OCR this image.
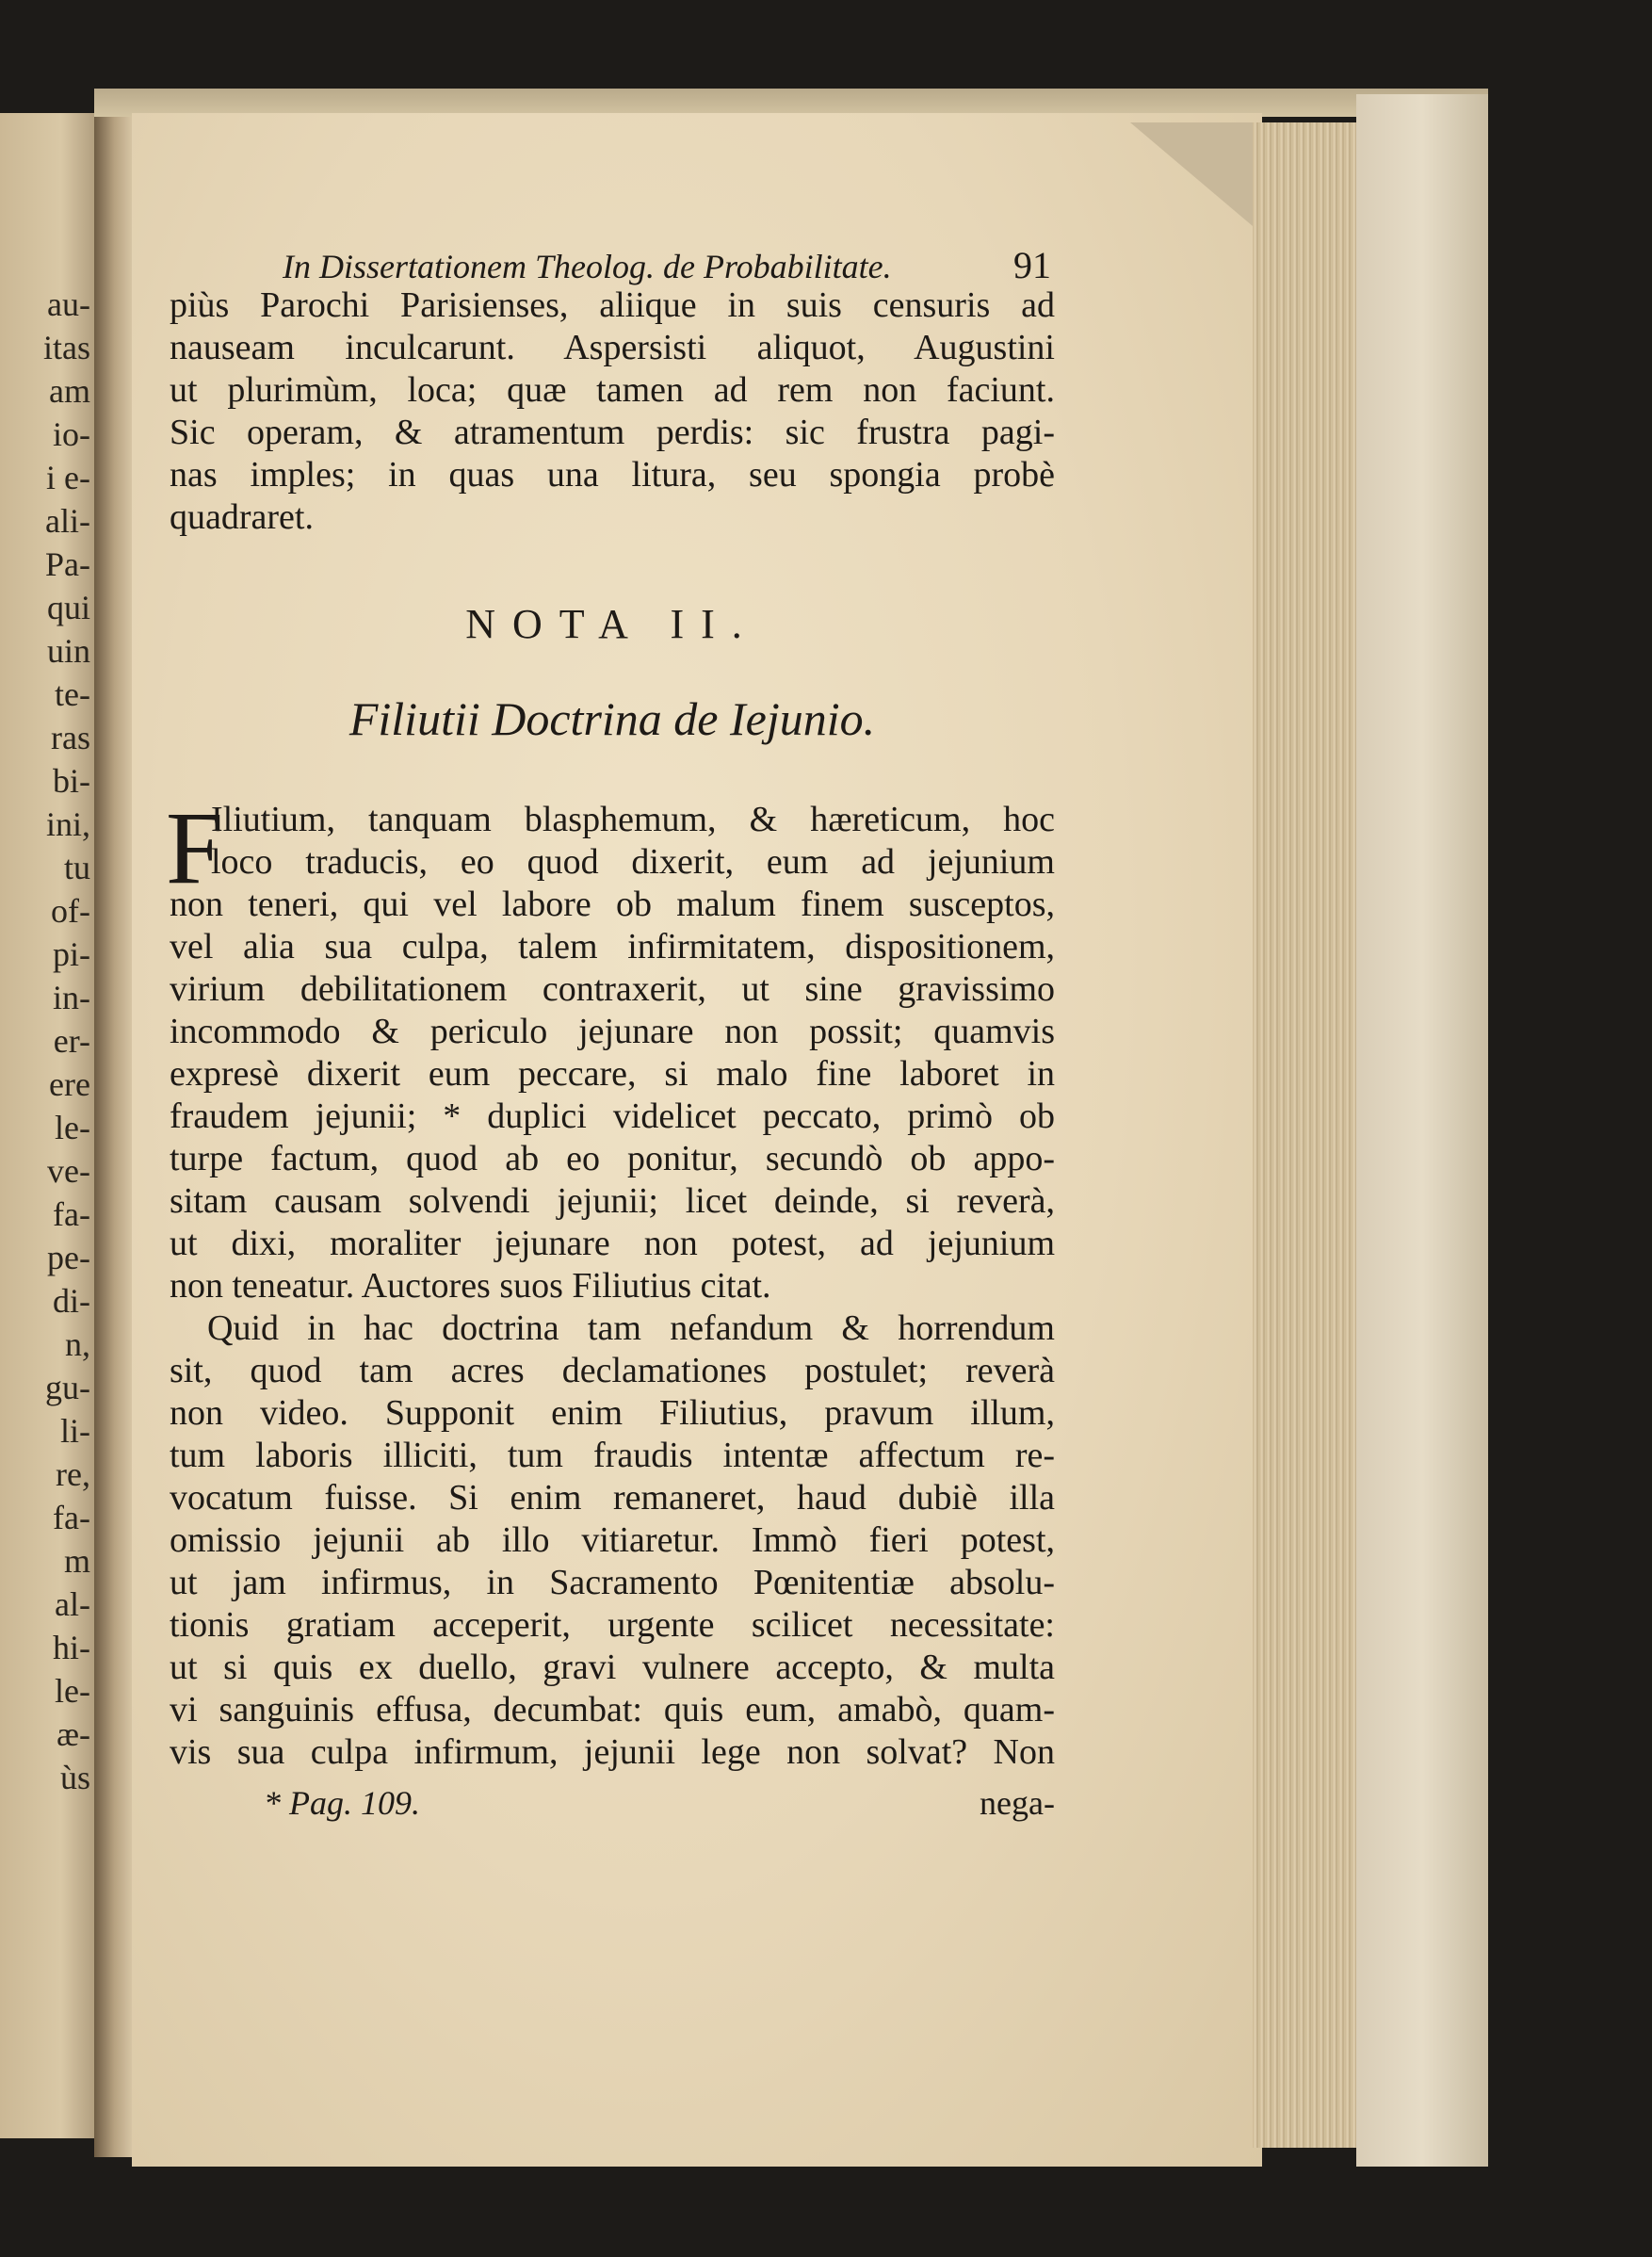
au-
itas
am
io-
i e-
ali-
Pa-
qui
uin
te-
ras
bi-
ini,
tu
of-
pi-
in-
er-
ere
le-
ve-
fa-
pe-
di-
n,
gu-
li-
re,
fa-
m
al-
hi-
le-
æ-
ùs
In Dissertationem Theolog. de Probabilitate.	91
piùs Parochi Parisienses, aliique in suis censuris ad
nauseam inculcarunt. Aspersisti aliquot, Augustini
ut plurimùm, loca; quæ tamen ad rem non faciunt.
Sic operam, & atramentum perdis: sic frustra pagi-
nas imples; in quas una litura, seu spongia probè
quadraret.
NOTA II.
Filiutii Doctrina de Iejunio.
F
Iliutium, tanquam blasphemum, & hæreticum, hoc
loco traducis, eo quod dixerit, eum ad jejunium
non teneri, qui vel labore ob malum finem susceptos,
vel alia sua culpa, talem infirmitatem, dispositionem,
virium debilitationem contraxerit, ut sine gravissimo
incommodo & periculo jejunare non possit; quamvis
expresè dixerit eum peccare, si malo fine laboret in
fraudem jejunii; * duplici videlicet peccato, primò ob
turpe factum, quod ab eo ponitur, secundò ob appo-
sitam causam solvendi jejunii; licet deinde, si reverà,
ut dixi, moraliter jejunare non potest, ad jejunium
non teneatur. Auctores suos Filiutius citat.
Quid in hac doctrina tam nefandum & horrendum
sit, quod tam acres declamationes postulet; reverà
non video. Supponit enim Filiutius, pravum illum,
tum laboris illiciti, tum fraudis intentæ affectum re-
vocatum fuisse. Si enim remaneret, haud dubiè illa
omissio jejunii ab illo vitiaretur. Immò fieri potest,
ut jam infirmus, in Sacramento Pœnitentiæ absolu-
tionis gratiam acceperit, urgente scilicet necessitate:
ut si quis ex duello, gravi vulnere accepto, & multa
vi sanguinis effusa, decumbat: quis eum, amabò, quam-
vis sua culpa infirmum, jejunii lege non solvat? Non
* Pag. 109.	nega-
